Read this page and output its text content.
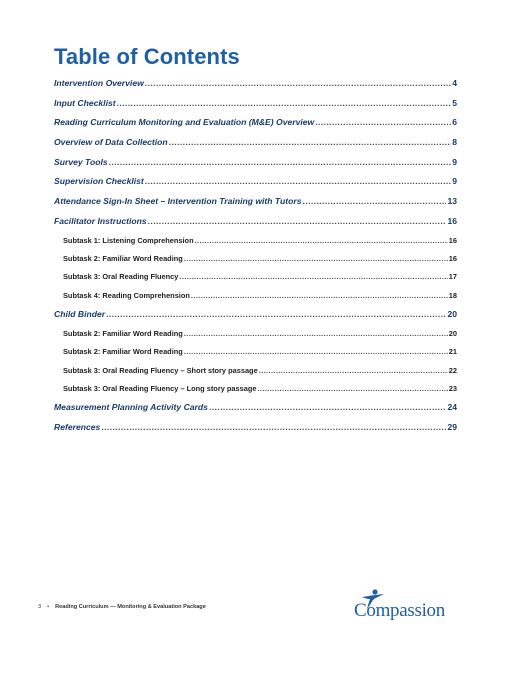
Table of Contents
Intervention Overview .....	4
Input Checklist .....	5
Reading Curriculum Monitoring and Evaluation (M&E) Overview .....	6
Overview of Data Collection .....	8
Survey Tools .....	9
Supervision Checklist .....	9
Attendance Sign-In Sheet – Intervention Training with Tutors .....	13
Facilitator Instructions .....	16
Subtask 1: Listening Comprehension .....	16
Subtask 2: Familiar Word Reading .....	16
Subtask 3: Oral Reading Fluency .....	17
Subtask 4: Reading Comprehension .....	18
Child Binder .....	20
Subtask 2: Familiar Word Reading .....	20
Subtask 2: Familiar Word Reading .....	21
Subtask 3: Oral Reading Fluency – Short story passage .....	22
Subtask 3: Oral Reading Fluency – Long story passage .....	23
Measurement Planning Activity Cards .....	24
References .....	29
3 • Reading Curriculum — Monitoring & Evaluation Package	Compassion
